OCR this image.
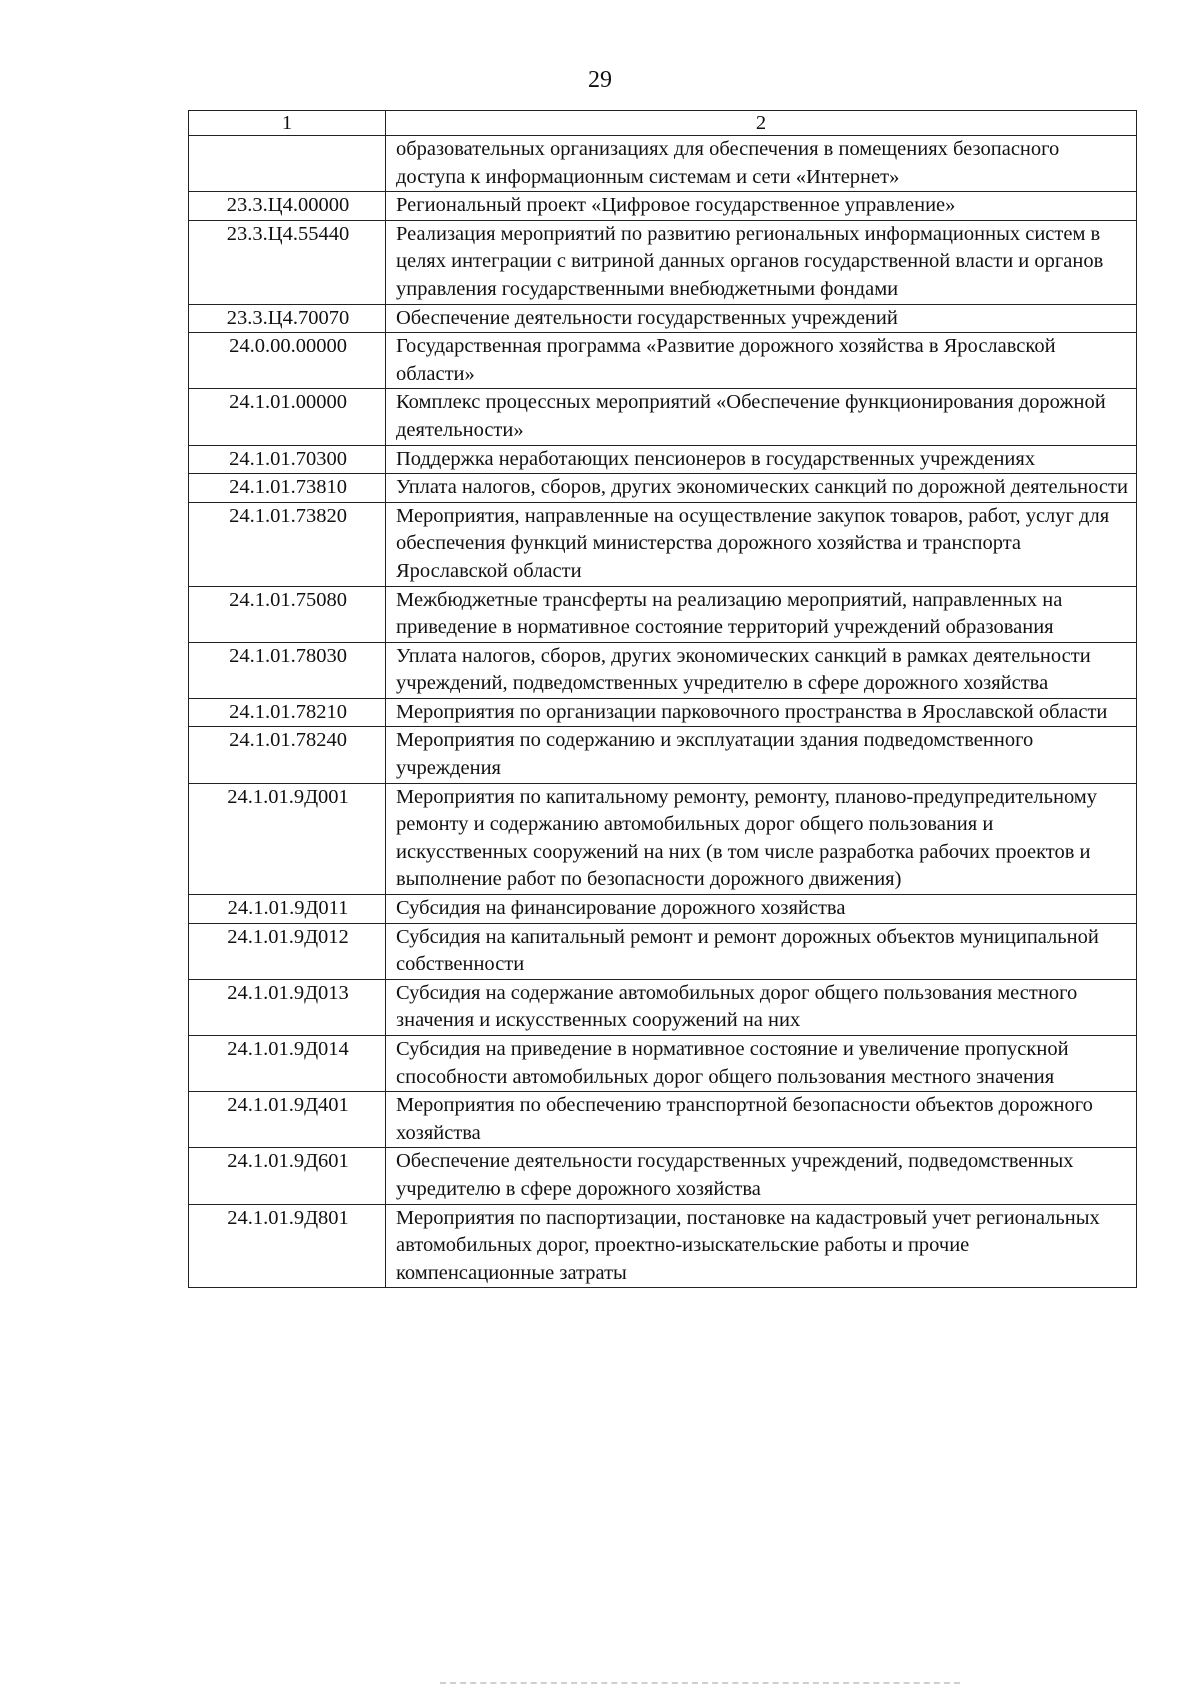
29
1	2
	образовательных организациях для обеспечения в помещениях безопасного доступа к информационным системам и сети «Интернет»
23.3.Ц4.00000	Региональный проект «Цифровое государственное управление»
23.3.Ц4.55440	Реализация мероприятий по развитию региональных информационных систем в целях интеграции с витриной данных органов государственной власти и органов управления государственными внебюджетными фондами
23.3.Ц4.70070	Обеспечение деятельности государственных учреждений
24.0.00.00000	Государственная программа «Развитие дорожного хозяйства в Ярославской области»
24.1.01.00000	Комплекс процессных мероприятий «Обеспечение функционирования дорожной деятельности»
24.1.01.70300	Поддержка неработающих пенсионеров в государственных учреждениях
24.1.01.73810	Уплата налогов, сборов, других экономических санкций по дорожной деятельности
24.1.01.73820	Мероприятия, направленные на осуществление закупок товаров, работ, услуг для обеспечения функций министерства дорожного хозяйства и транспорта Ярославской области
24.1.01.75080	Межбюджетные трансферты на реализацию мероприятий, направленных на приведение в нормативное состояние территорий учреждений образования
24.1.01.78030	Уплата налогов, сборов, других экономических санкций в рамках деятельности учреждений, подведомственных учредителю в сфере дорожного хозяйства
24.1.01.78210	Мероприятия по организации парковочного пространства в Ярославской области
24.1.01.78240	Мероприятия по содержанию и эксплуатации здания подведомственного учреждения
24.1.01.9Д001	Мероприятия по капитальному ремонту, ремонту, планово-предупредительному ремонту и содержанию автомобильных дорог общего пользования и искусственных сооружений на них (в том числе разработка рабочих проектов и выполнение работ по безопасности дорожного движения)
24.1.01.9Д011	Субсидия на финансирование дорожного хозяйства
24.1.01.9Д012	Субсидия на капитальный ремонт и ремонт дорожных объектов муниципальной собственности
24.1.01.9Д013	Субсидия на содержание автомобильных дорог общего пользования местного значения и искусственных сооружений на них
24.1.01.9Д014	Субсидия на приведение в нормативное состояние и увеличение пропускной способности автомобильных дорог общего пользования местного значения
24.1.01.9Д401	Мероприятия по обеспечению транспортной безопасности объектов дорожного хозяйства
24.1.01.9Д601	Обеспечение деятельности государственных учреждений, подведомственных учредителю в сфере дорожного хозяйства
24.1.01.9Д801	Мероприятия по паспортизации, постановке на кадастровый учет региональных автомобильных дорог, проектно-изыскательские работы и прочие компенсационные затраты
